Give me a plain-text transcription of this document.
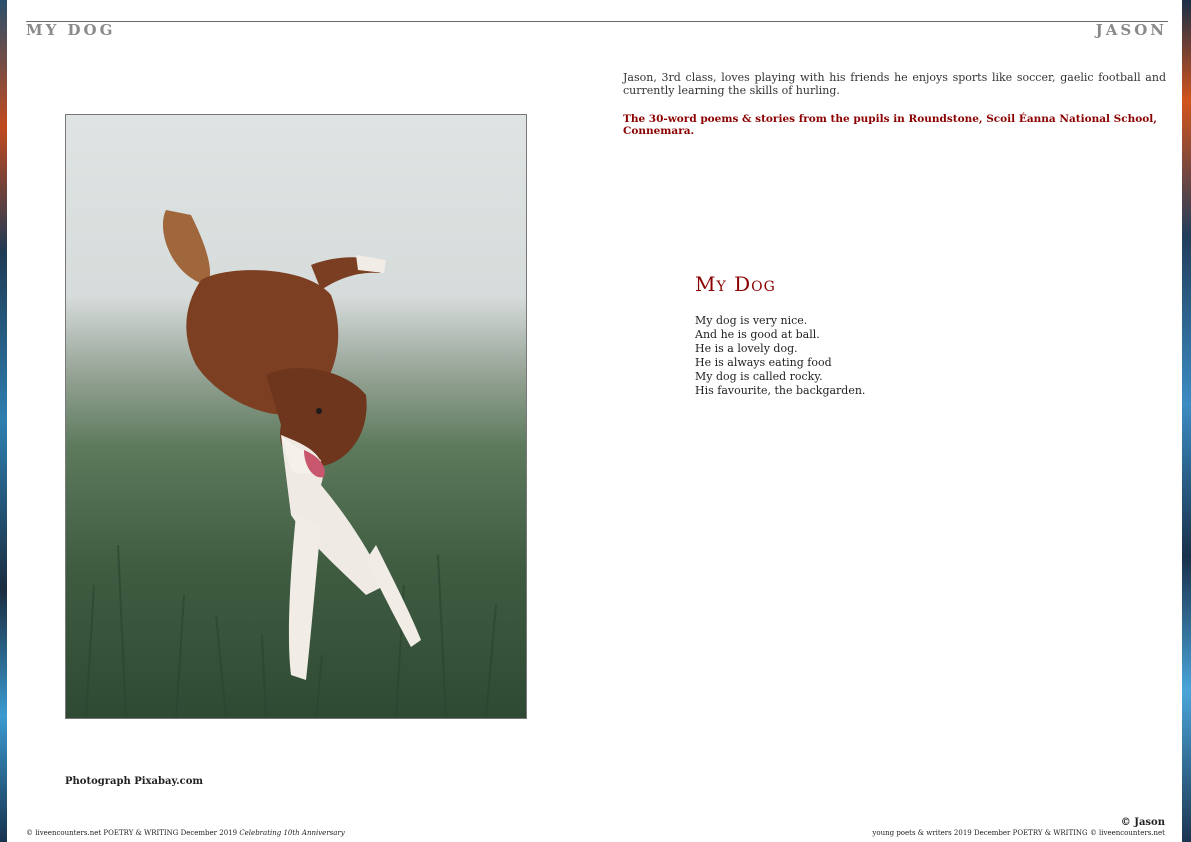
MY DOG	JASON
Photograph Pixabay.com
Jason, 3rd class, loves playing with his friends he enjoys sports like soccer, gaelic football and currently learning the skills of hurling.
The 30-word poems & stories from the pupils in Roundstone, Scoil Éanna National School, Connemara.
My Dog
My dog is very nice.
And he is good at ball.
He is a lovely dog.
He is always eating food
My dog is called rocky.
His favourite, the backgarden.
© Jason
© liveencounters.net POETRY & WRITING December 2019 Celebrating 10th Anniversary	young poets & writers 2019 December POETRY & WRITING © liveencounters.net
